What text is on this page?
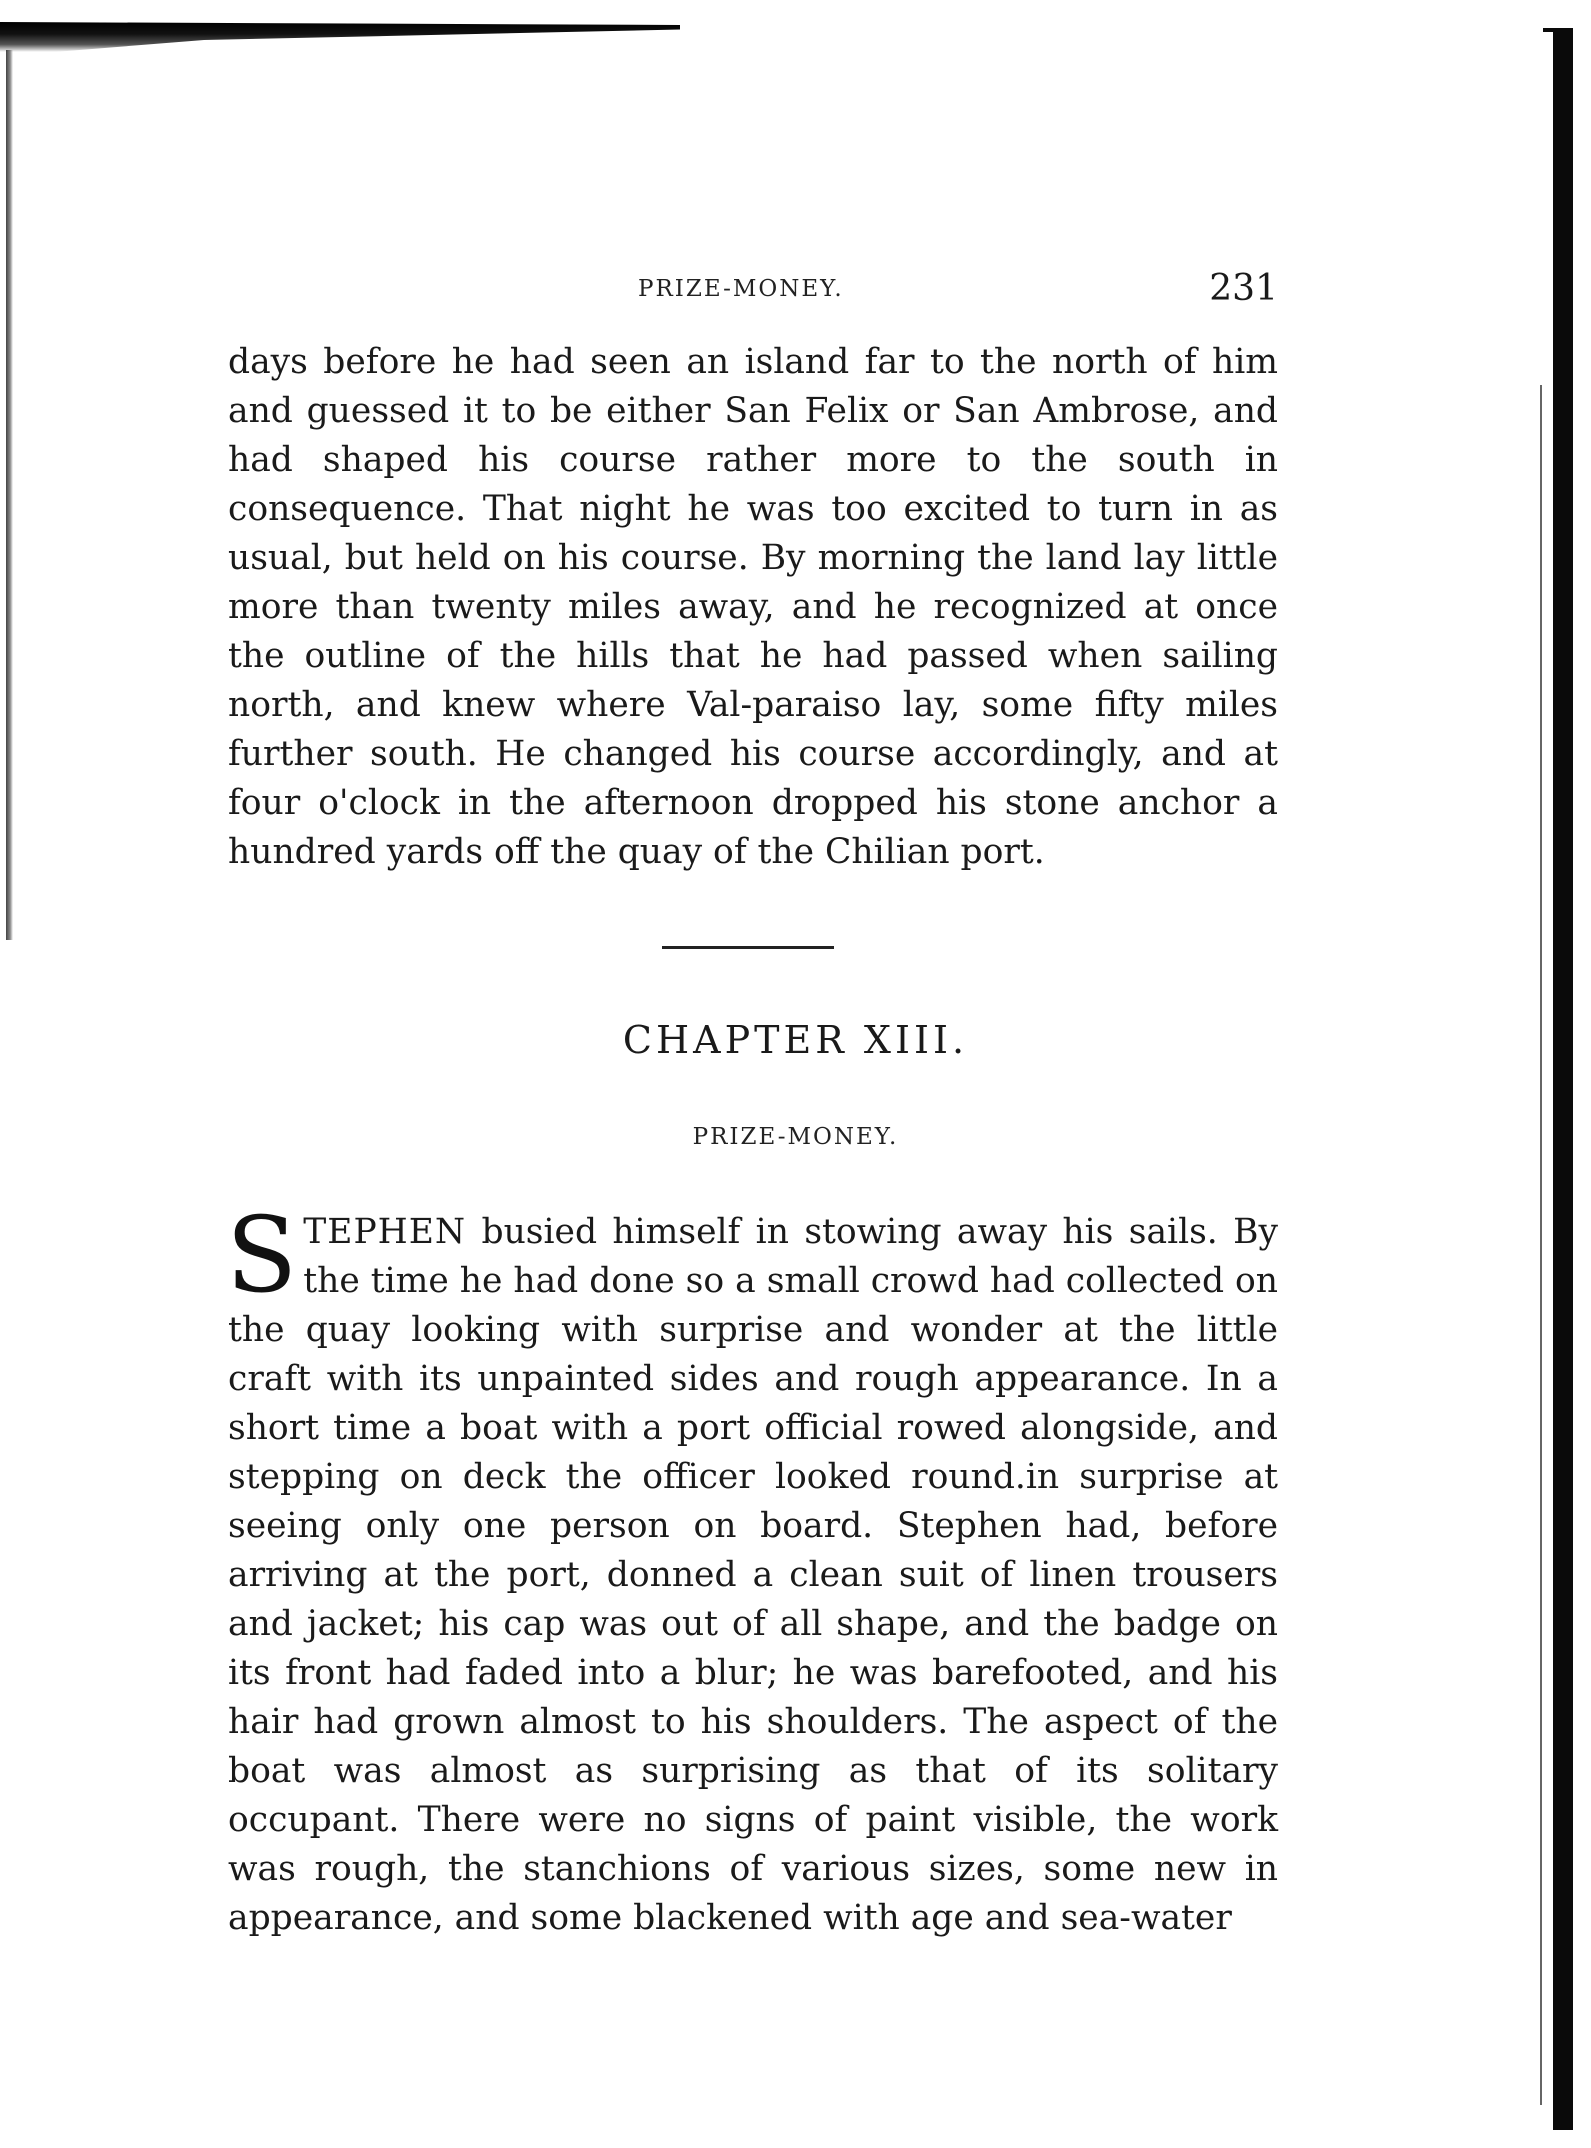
PRIZE-MONEY.	231

days before he had seen an island far to the north of him and guessed it to be either San Felix or San Ambrose, and had shaped his course rather more to the south in consequence. That night he was too excited to turn in as usual, but held on his course. By morning the land lay little more than twenty miles away, and he recognized at once the outline of the hills that he had passed when sailing north, and knew where Val-paraiso lay, some fifty miles further south. He changed his course accordingly, and at four o'clock in the afternoon dropped his stone anchor a hundred yards off the quay of the Chilian port.

CHAPTER XIII.
PRIZE-MONEY.

STEPHEN busied himself in stowing away his sails. By the time he had done so a small crowd had collected on the quay looking with surprise and wonder at the little craft with its unpainted sides and rough appearance. In a short time a boat with a port official rowed alongside, and stepping on deck the officer looked round.in surprise at seeing only one person on board. Stephen had, before arriving at the port, donned a clean suit of linen trousers and jacket; his cap was out of all shape, and the badge on its front had faded into a blur; he was barefooted, and his hair had grown almost to his shoulders. The aspect of the boat was almost as surprising as that of its solitary occupant. There were no signs of paint visible, the work was rough, the stanchions of various sizes, some new in appearance, and some blackened with age and sea-water
